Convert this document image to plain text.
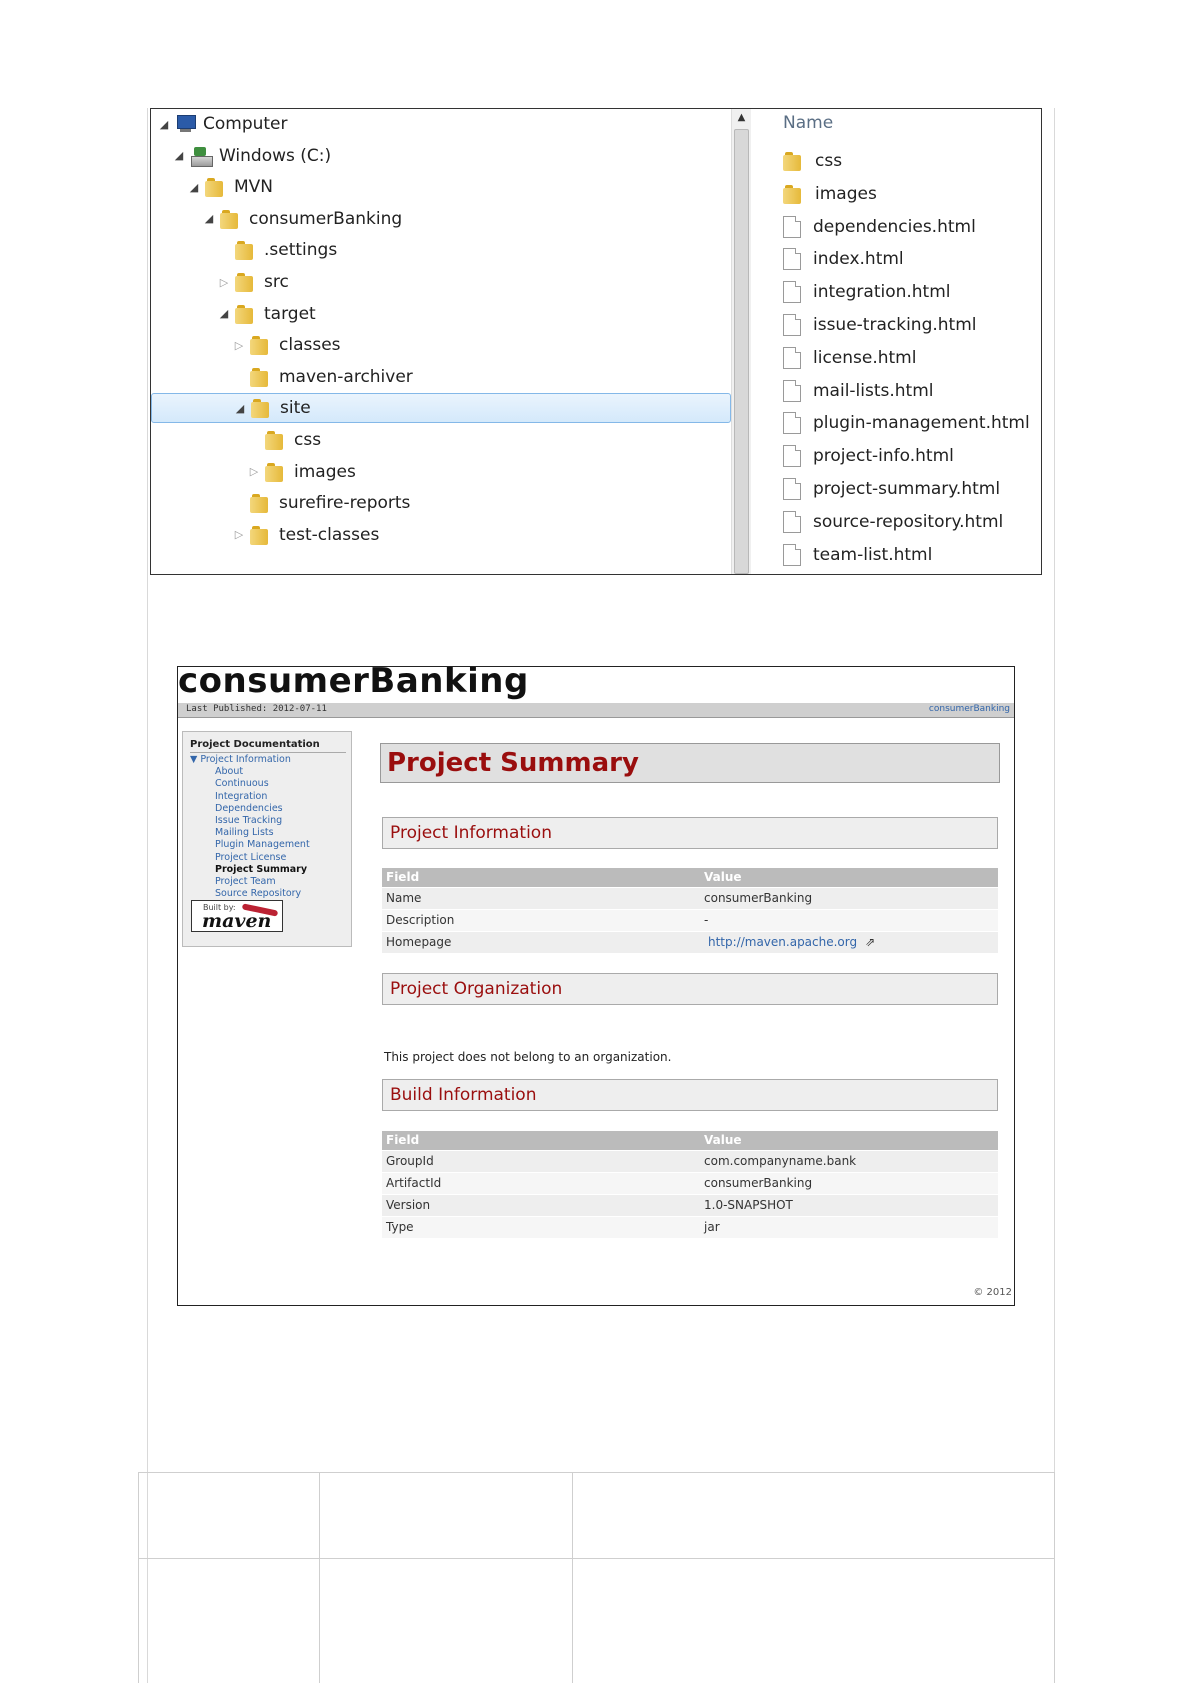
◢ Computer
◢ Windows (C:)
◢ MVN
◢ consumerBanking
.settings
▷ src
◢ target
▷ classes
maven-archiver
◢ site
css
▷ images
surefire-reports
▷ test-classes
▲	Name
css
images
dependencies.html
index.html
integration.html
issue-tracking.html
license.html
mail-lists.html
plugin-management.html
project-info.html
project-summary.html
source-repository.html
team-list.html
consumerBanking
Last Published: 2012-07-11	consumerBanking
Project Documentation
Built by:
maven
▼ Project Information
About
Continuous
Integration
Dependencies
Issue Tracking
Mailing Lists
Plugin Management
Project License
Project Summary
Project Team
Source Repository
Project Summary
Project Information
Field	Value
Name	consumerBanking
Description	-
Homepage	http://maven.apache.org ⇗
Project Organization
This project does not belong to an organization.
Build Information
Field	Value
GroupId	com.companyname.bank
ArtifactId	consumerBanking
Version	1.0-SNAPSHOT
Type	jar
© 2012
